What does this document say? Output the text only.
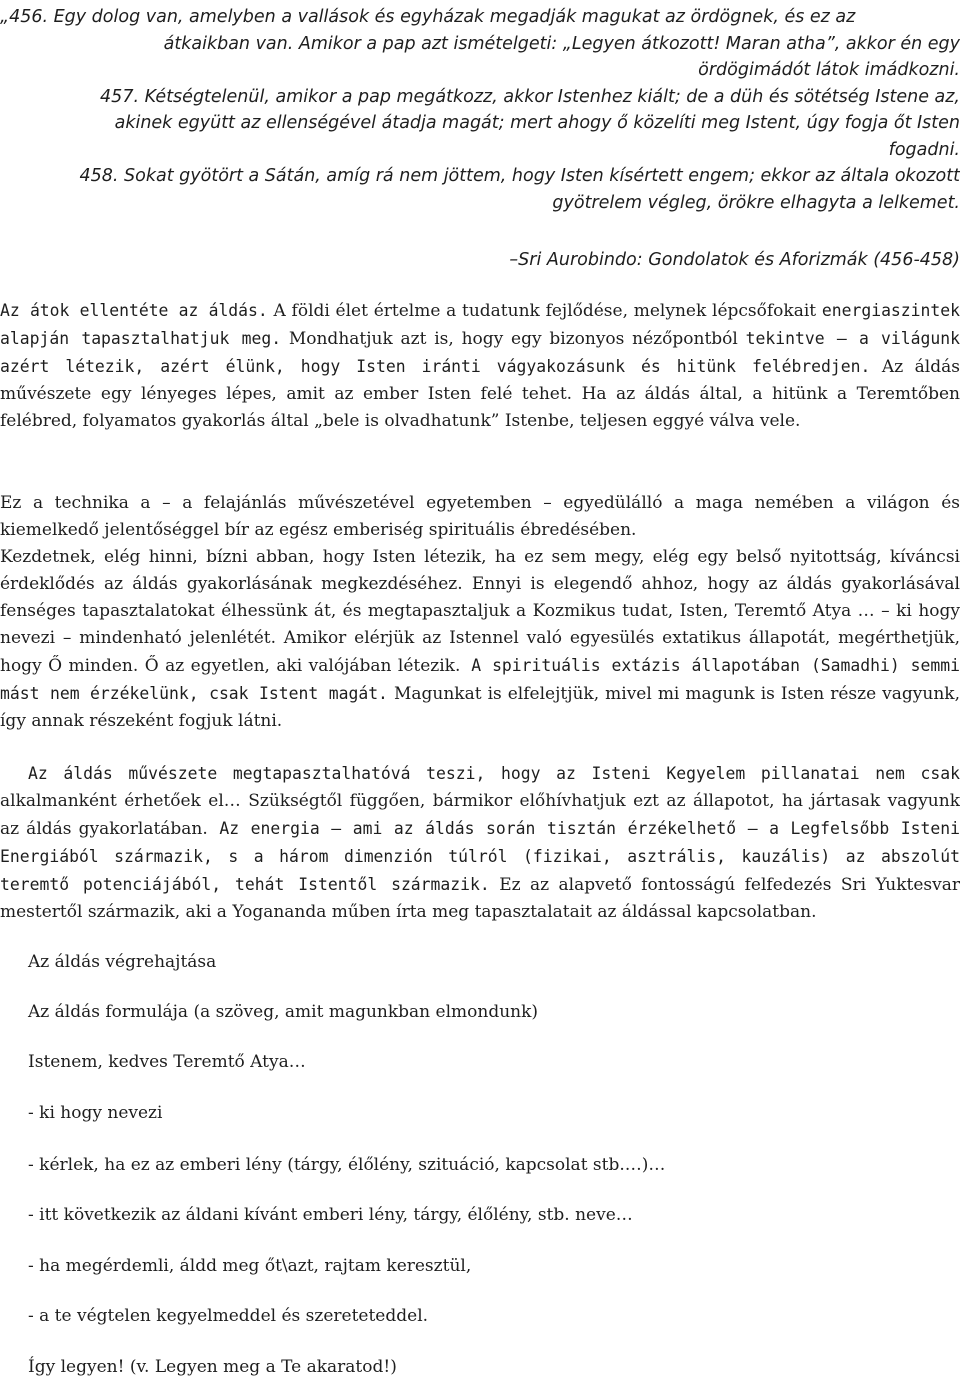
„456. Egy dolog van, amelyben a vallások és egyházak megadják magukat az ördögnek, és ez az
átkaikban van. Amikor a pap azt ismételgeti: „Legyen átkozott! Maran atha”, akkor én egy
ördögimádót látok imádkozni.
457. Kétségtelenül, amikor a pap megátkozz, akkor Istenhez kiált; de a düh és sötétség Istene az,
akinek együtt az ellenségével átadja magát; mert ahogy ő közelíti meg Istent, úgy fogja őt Isten
fogadni.
458. Sokat gyötört a Sátán, amíg rá nem jöttem, hogy Isten kísértett engem; ekkor az általa okozott
gyötrelem végleg, örökre elhagyta a lelkemet.
–Sri Aurobindo: Gondolatok és Aforizmák (456-458)

Az átok ellentéte az áldás. A földi élet értelme a tudatunk fejlődése, melynek lépcsőfokait energiaszintek alapján tapasztalhatjuk meg. Mondhatjuk azt is, hogy egy bizonyos nézőpontból tekintve – a világunk azért létezik, azért élünk, hogy Isten iránti vágyakozásunk és hitünk felébredjen. Az áldás művészete egy lényeges lépes, amit az ember Isten felé tehet. Ha az áldás által, a hitünk a Teremtőben felébred, folyamatos gyakorlás által „bele is olvadhatunk” Istenbe, teljesen eggyé válva vele.

Ez a technika a – a felajánlás művészetével egyetemben – egyedülálló a maga nemében a világon és kiemelkedő jelentőséggel bír az egész emberiség spirituális ébredésében.

Kezdetnek, elég hinni, bízni abban, hogy Isten létezik, ha ez sem megy, elég egy belső nyitottság, kíváncsi érdeklődés az áldás gyakorlásának megkezdéséhez. Ennyi is elegendő ahhoz, hogy az áldás gyakorlásával fenséges tapasztalatokat élhessünk át, és megtapasztaljuk a Kozmikus tudat, Isten, Teremtő Atya … – ki hogy nevezi – mindenható jelenlétét. Amikor elérjük az Istennel való egyesülés extatikus állapotát, megérthetjük, hogy Ő minden. Ő az egyetlen, aki valójában létezik. A spirituális extázis állapotában (Samadhi) semmi mást nem érzékelünk, csak Istent magát. Magunkat is elfelejtjük, mivel mi magunk is Isten része vagyunk, így annak részeként fogjuk látni.

Az áldás művészete megtapasztalhatóvá teszi, hogy az Isteni Kegyelem pillanatai nem csak alkalmanként érhetőek el… Szükségtől függően, bármikor előhívhatjuk ezt az állapotot, ha jártasak vagyunk az áldás gyakorlatában. Az energia – ami az áldás során tisztán érzékelhető – a Legfelsőbb Isteni Energiából származik, s a három dimenzión túlról (fizikai, asztrális, kauzális) az abszolút teremtő potenciájából, tehát Istentől származik. Ez az alapvető fontosságú felfedezés Sri Yuktesvar mestertől származik, aki a Yogananda műben írta meg tapasztalatait az áldással kapcsolatban.

Az áldás végrehajtása
Az áldás formulája (a szöveg, amit magunkban elmondunk)
Istenem, kedves Teremtő Atya…
- ki hogy nevezi
- kérlek, ha ez az emberi lény (tárgy, élőlény, szituáció, kapcsolat stb.…)…
- itt következik az áldani kívánt emberi lény, tárgy, élőlény, stb. neve…
- ha megérdemli, áldd meg őt\azt, rajtam keresztül,
- a te végtelen kegyelmeddel és szereteteddel.
Így legyen! (v. Legyen meg a Te akaratod!)
